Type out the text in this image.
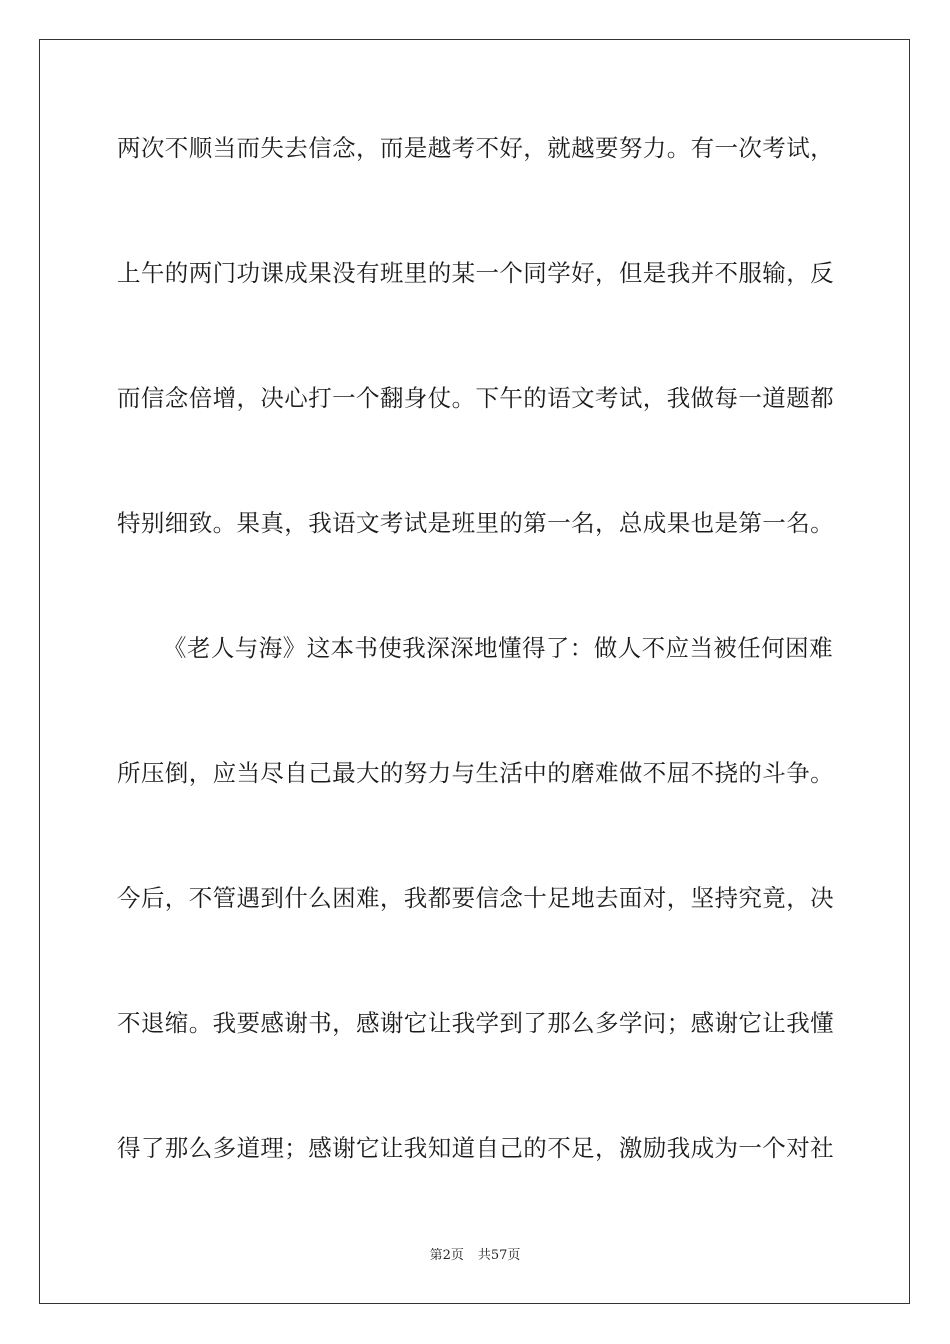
两次不顺当而失去信念，而是越考不好，就越要努力。有一次考试，
上午的两门功课成果没有班里的某一个同学好，但是我并不服输，反
而信念倍增，决心打一个翻身仗。下午的语文考试，我做每一道题都
特别细致。果真，我语文考试是班里的第一名，总成果也是第一名。
《老人与海》这本书使我深深地懂得了：做人不应当被任何困难
所压倒，应当尽自己最大的努力与生活中的磨难做不屈不挠的斗争。
今后，不管遇到什么困难，我都要信念十足地去面对，坚持究竟，决
不退缩。我要感谢书，感谢它让我学到了那么多学问；感谢它让我懂
得了那么多道理；感谢它让我知道自己的不足，激励我成为一个对社
第2页 共57页
